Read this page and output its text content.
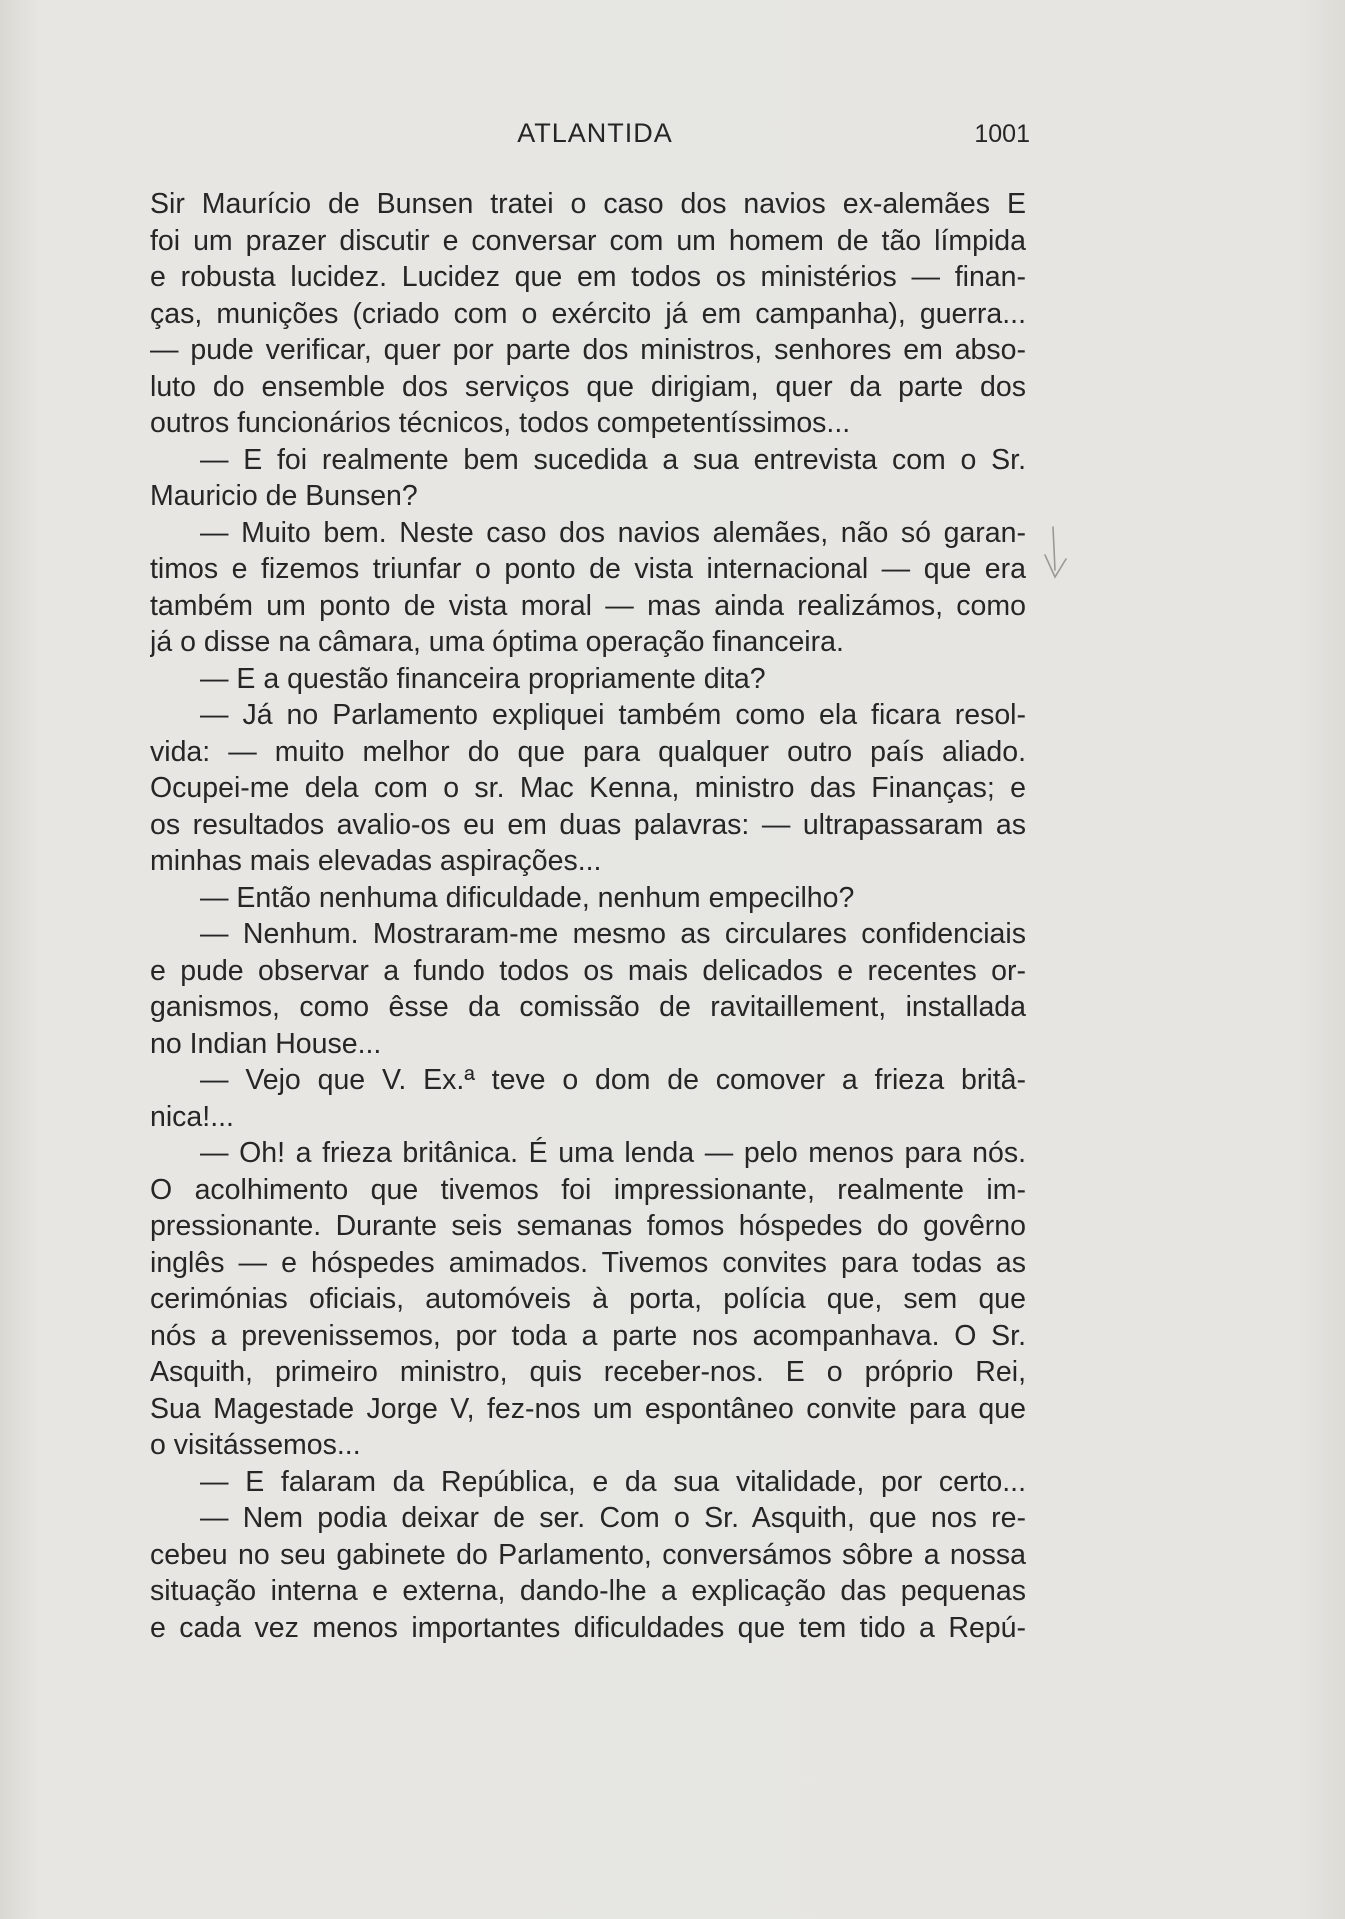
ATLANTIDA	1001
Sir Maurício de Bunsen tratei o caso dos navios ex-alemães E
foi um prazer discutir e conversar com um homem de tão límpida
e robusta lucidez. Lucidez que em todos os ministérios — finan-
ças, munições (criado com o exército já em campanha), guerra...
— pude verificar, quer por parte dos ministros, senhores em abso-
luto do ensemble dos serviços que dirigiam, quer da parte dos
outros funcionários técnicos, todos competentíssimos...
— E foi realmente bem sucedida a sua entrevista com o Sr.
Mauricio de Bunsen?
— Muito bem. Neste caso dos navios alemães, não só garan-
timos e fizemos triunfar o ponto de vista internacional — que era
também um ponto de vista moral — mas ainda realizámos, como
já o disse na câmara, uma óptima operação financeira.
— E a questão financeira propriamente dita?
— Já no Parlamento expliquei também como ela ficara resol-
vida: — muito melhor do que para qualquer outro país aliado.
Ocupei-me dela com o sr. Mac Kenna, ministro das Finanças; e
os resultados avalio-os eu em duas palavras: — ultrapassaram as
minhas mais elevadas aspirações...
— Então nenhuma dificuldade, nenhum empecilho?
— Nenhum. Mostraram-me mesmo as circulares confidenciais
e pude observar a fundo todos os mais delicados e recentes or-
ganismos, como êsse da comissão de ravitaillement, installada
no Indian House...
— Vejo que V. Ex.ª teve o dom de comover a frieza britâ-
nica!...
— Oh! a frieza britânica. É uma lenda — pelo menos para nós.
O acolhimento que tivemos foi impressionante, realmente im-
pressionante. Durante seis semanas fomos hóspedes do govêrno
inglês — e hóspedes amimados. Tivemos convites para todas as
cerimónias oficiais, automóveis à porta, polícia que, sem que
nós a prevenissemos, por toda a parte nos acompanhava. O Sr.
Asquith, primeiro ministro, quis receber-nos. E o próprio Rei,
Sua Magestade Jorge V, fez-nos um espontâneo convite para que
o visitássemos...
— E falaram da República, e da sua vitalidade, por certo...
— Nem podia deixar de ser. Com o Sr. Asquith, que nos re-
cebeu no seu gabinete do Parlamento, conversámos sôbre a nossa
situação interna e externa, dando-lhe a explicação das pequenas
e cada vez menos importantes dificuldades que tem tido a Repú-
